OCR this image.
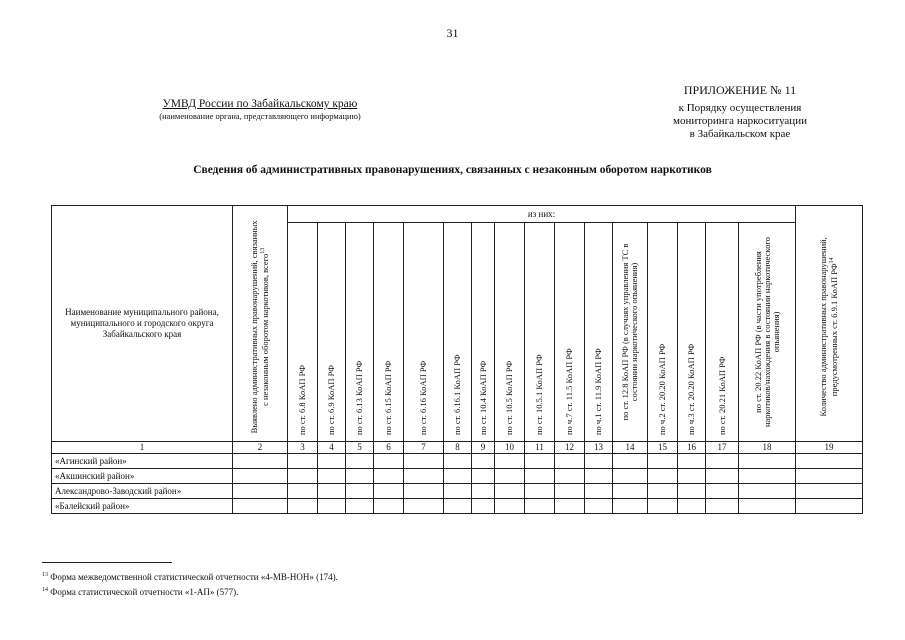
31
ПРИЛОЖЕНИЕ № 11
к Порядку осуществления
мониторинга наркоситуации
в Забайкальском крае
УМВД России по Забайкальскому краю
(наименование органа, представляющего информацию)
Сведения об административных правонарушениях, связанных с незаконным оборотом наркотиков
Наименование муниципального района, муниципального и городского округа Забайкальского края	Выявлено административных правонарушений, связанных с незаконным оборотом наркотиков, всего$^{13}$	из них:																Количество административных правонарушений, предусмотренных ст. 6.9.1 КоАП РФ$^{14}$

		по ст. 6.8 КоАП РФ	по ст. 6.9 КоАП РФ	по ст. 6.13 КоАП РФ	по ст. 6.15 КоАП РФ	по ст. 6.16 КоАП РФ	по ст. 6.16.1 КоАП РФ	по ст. 10.4 КоАП РФ	по ст. 10.5 КоАП РФ	по ст. 10.5.1 КоАП РФ	по ч.7 ст. 11.5 КоАП РФ	по ч.1 ст. 11.9 КоАП РФ	по ст. 12.8 КоАП РФ (в случаях управления ТС в состоянии наркотического опьянения)	по ч.2 ст. 20.20 КоАП РФ	по ч.3 ст. 20.20 КоАП РФ	по ст. 20.21 КоАП РФ	по ст. 20.22 КоАП РФ (в части употребления наркотиков/нахождения в состоянии наркотического опьянения)	

1	2	3	4	5	6	7	8	9	10	11	12	13	14	15	16	17	18	19
«Агинский район»																		
«Акшинский район»																		
Александрово-Заводский район»																		
«Балейский район»																		
$^{13}$ Форма межведомственной статистической отчетности «4-МВ-НОН» (174).
$^{14}$ Форма статистической отчетности «1-АП» (577).
